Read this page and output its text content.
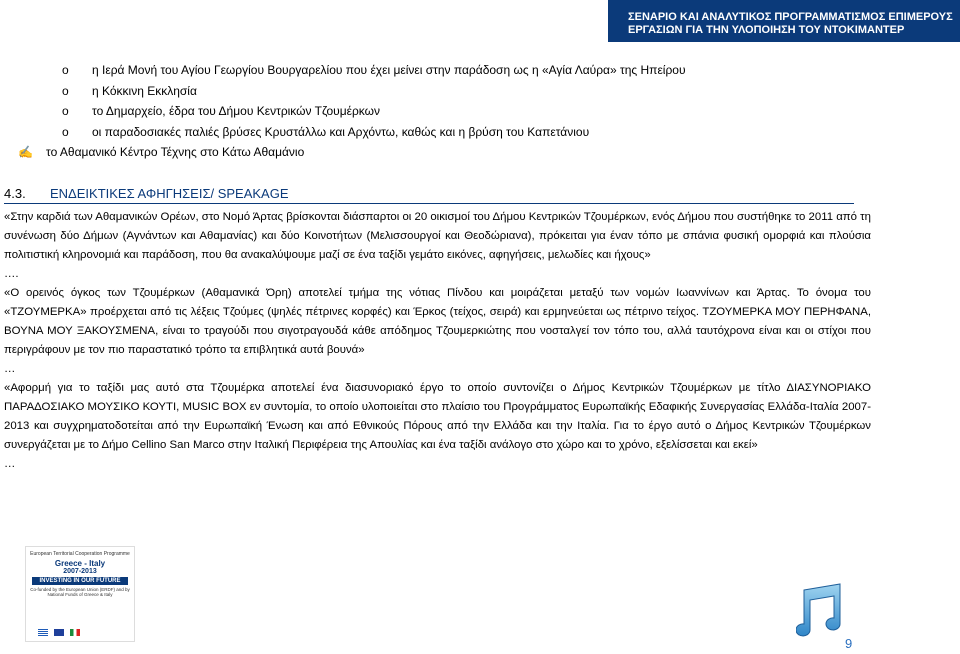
ΣΕΝΑΡΙΟ ΚΑΙ ΑΝΑΛΥΤΙΚΟΣ ΠΡΟΓΡΑΜΜΑΤΙΣΜΟΣ ΕΠΙΜΕΡΟΥΣ
ΕΡΓΑΣΙΩΝ ΓΙΑ ΤΗΝ ΥΛΟΠΟΙΗΣΗ ΤΟΥ ΝΤΟΚΙΜΑΝΤΕΡ
o	η Ιερά Μονή του Αγίου Γεωργίου Βουργαρελίου που έχει μείνει στην παράδοση ως η «Αγία Λαύρα» της Ηπείρου
o	η Κόκκινη Εκκλησία
o	το Δημαρχείο, έδρα του Δήμου Κεντρικών Τζουμέρκων
o	οι παραδοσιακές παλιές βρύσες Κρυστάλλω και Αρχόντω, καθώς και η βρύση του Καπετάνιου
✍	το Αθαμανικό Κέντρο Τέχνης στο Κάτω Αθαμάνιο
4.3. ΕΝΔΕΙΚΤΙΚΕΣ ΑΦΗΓΗΣΕΙΣ/ SPEAKAGE

«Στην καρδιά των Αθαμανικών Ορέων, στο Νομό Άρτας βρίσκονται διάσπαρτοι οι 20 οικισμοί του Δήμου Κεντρικών Τζουμέρκων, ενός Δήμου που συστήθηκε το 2011 από τη συνένωση δύο Δήμων (Αγνάντων και Αθαμανίας) και δύο Κοινοτήτων (Μελισσουργοί και Θεοδώριανα), πρόκειται για έναν τόπο με σπάνια φυσική ομορφιά και πλούσια πολιτιστική κληρονομιά και παράδοση, που θα ανακαλύψουμε μαζί σε ένα ταξίδι γεμάτο εικόνες, αφηγήσεις, μελωδίες και ήχους»

….

«Ο ορεινός όγκος των Τζουμέρκων (Αθαμανικά Όρη) αποτελεί τμήμα της νότιας Πίνδου και μοιράζεται μεταξύ των νομών Ιωαννίνων και Άρτας. Το όνομα του «ΤΖΟΥΜΕΡΚΑ» προέρχεται από τις λέξεις Τζούμες (ψηλές πέτρινες κορφές) και Έρκος (τείχος, σειρά) και ερμηνεύεται ως πέτρινο τείχος. ΤΖΟΥΜΕΡΚΑ ΜΟΥ ΠΕΡΗΦΑΝΑ, ΒΟΥΝΑ ΜΟΥ ΞΑΚΟΥΣΜΕΝΑ, είναι το τραγούδι που σιγοτραγουδά κάθε απόδημος Τζουμερκιώτης που νοσταλγεί τον τόπο του, αλλά ταυτόχρονα είναι και οι στίχοι που περιγράφουν με τον πιο παραστατικό τρόπο τα επιβλητικά αυτά βουνά»

…

«Αφορμή για το ταξίδι μας αυτό στα Τζουμέρκα αποτελεί ένα διασυνοριακό έργο το οποίο συντονίζει ο Δήμος Κεντρικών Τζουμέρκων με τίτλο ΔΙΑΣΥΝΟΡΙΑΚΟ ΠΑΡΑΔΟΣΙΑΚΟ ΜΟΥΣΙΚΟ ΚΟΥΤΙ, MUSIC BOX εν συντομία, το οποίο υλοποιείται στο πλαίσιο του Προγράμματος Ευρωπαϊκής Εδαφικής Συνεργασίας Ελλάδα-Ιταλία 2007-2013 και συγχρηματοδοτείται από την Ευρωπαϊκή Ένωση και από Εθνικούς Πόρους από την Ελλάδα και την Ιταλία. Για το έργο αυτό ο Δήμος Κεντρικών Τζουμέρκων συνεργάζεται με το Δήμο Cellino San Marco στην Ιταλική Περιφέρεια της Απουλίας και ένα ταξίδι ανάλογο στο χώρο και το χρόνο, εξελίσσεται και εκεί»

…

European Territorial Cooperation Programme
Greece - Italy
2007-2013
INVESTING IN OUR FUTURE
Co-funded by the European Union (ERDF) and by National Funds of Greece & Italy

9
